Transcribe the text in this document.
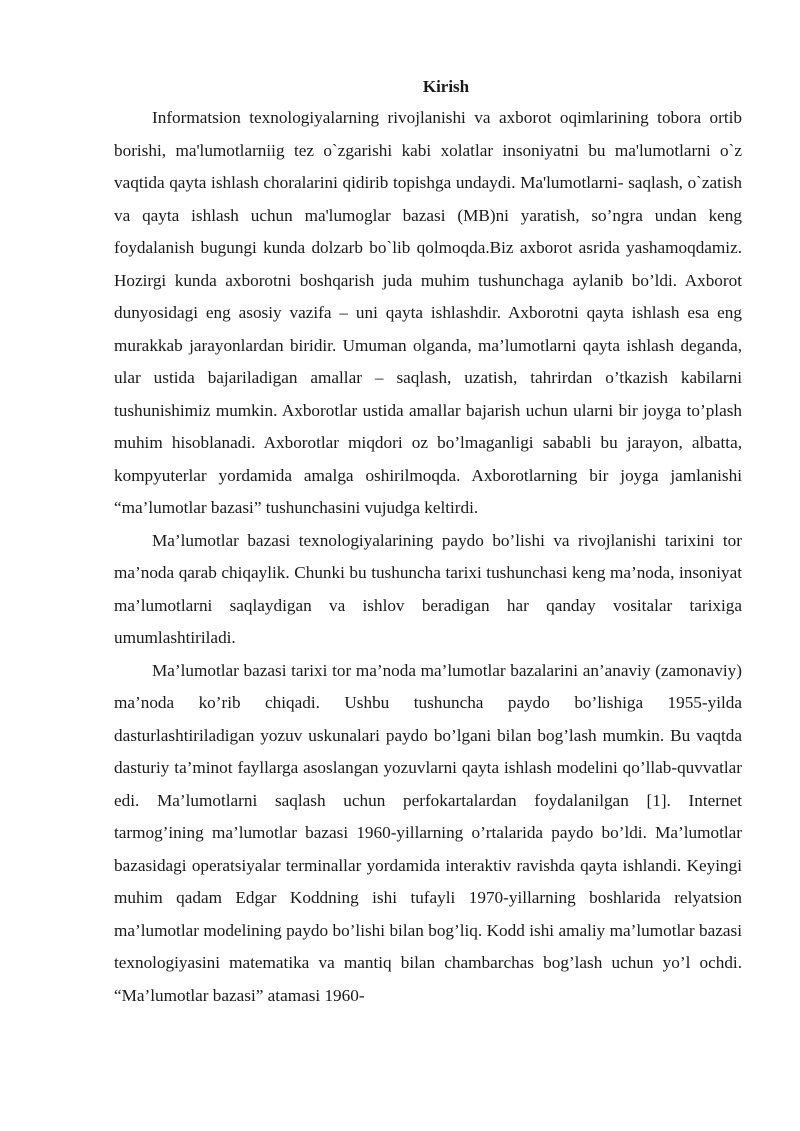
Kirish

Informatsion texnologiyalarning rivojlanishi va axborot oqimlarining tobora ortib borishi, ma'lumotlarniig tez o`zgarishi kabi xolatlar insoniyatni bu ma'lumotlarni o`z vaqtida qayta ishlash choralarini qidirib topishga undaydi. Ma'lumotlarni- saqlash, o`zatish va qayta ishlash uchun ma'lumoglar bazasi (MB)ni yaratish, so’ngra undan keng foydalanish bugungi kunda dolzarb bo`lib qolmoqda.Biz axborot asrida yashamoqdamiz. Hozirgi kunda axborotni boshqarish juda muhim tushunchaga aylanib bo’ldi. Axborot dunyosidagi eng asosiy vazifa – uni qayta ishlashdir. Axborotni qayta ishlash esa eng murakkab jarayonlardan biridir. Umuman olganda, ma’lumotlarni qayta ishlash deganda, ular ustida bajariladigan amallar – saqlash, uzatish, tahrirdan o’tkazish kabilarni tushunishimiz mumkin. Axborotlar ustida amallar bajarish uchun ularni bir joyga to’plash muhim hisoblanadi. Axborotlar miqdori oz bo’lmaganligi sababli bu jarayon, albatta, kompyuterlar yordamida amalga oshirilmoqda. Axborotlarning bir joyga jamlanishi “ma’lumotlar bazasi” tushunchasini vujudga keltirdi.

Ma’lumotlar bazasi texnologiyalarining paydo bo’lishi va rivojlanishi tarixini tor ma’noda qarab chiqaylik. Chunki bu tushuncha tarixi tushunchasi keng ma’noda, insoniyat ma’lumotlarni saqlaydigan va ishlov beradigan har qanday vositalar tarixiga umumlashtiriladi.

Ma’lumotlar bazasi tarixi tor ma’noda ma’lumotlar bazalarini an’anaviy (zamonaviy) ma’noda ko’rib chiqadi. Ushbu tushuncha paydo bo’lishiga 1955-yilda dasturlashtiriladigan yozuv uskunalari paydo bo’lgani bilan bog’lash mumkin. Bu vaqtda dasturiy ta’minot fayllarga asoslangan yozuvlarni qayta ishlash modelini qo’llab-quvvatlar edi. Ma’lumotlarni saqlash uchun perfokartalardan foydalanilgan [1]. Internet tarmog’ining ma’lumotlar bazasi 1960-yillarning o’rtalarida paydo bo’ldi. Ma’lumotlar bazasidagi operatsiyalar terminallar yordamida interaktiv ravishda qayta ishlandi. Keyingi muhim qadam Edgar Koddning ishi tufayli 1970-yillarning boshlarida relyatsion ma’lumotlar modelining paydo bo’lishi bilan bog’liq. Kodd ishi amaliy ma’lumotlar bazasi texnologiyasini matematika va mantiq bilan chambarchas bog’lash uchun yo’l ochdi. “Ma’lumotlar bazasi” atamasi 1960-
